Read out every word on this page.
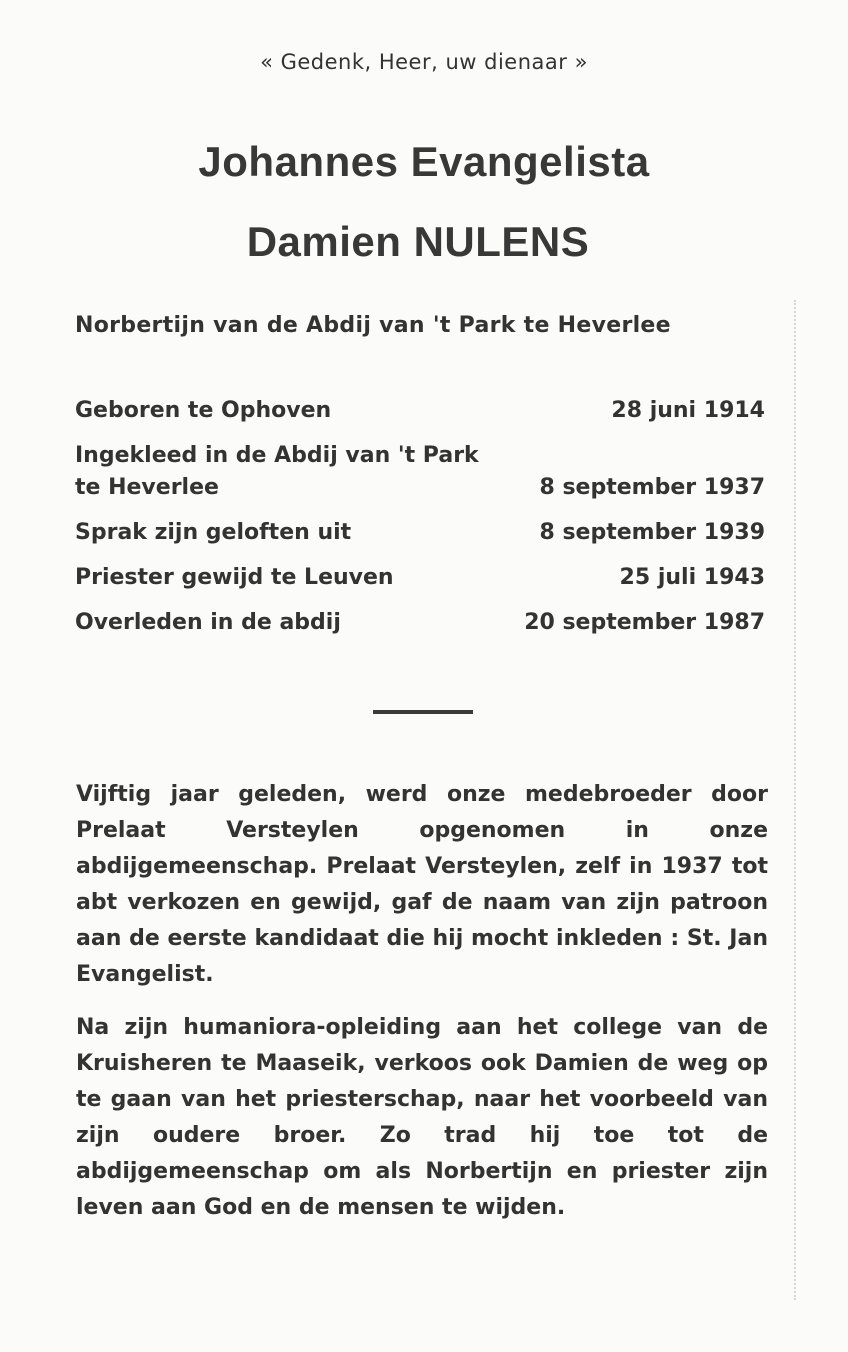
« Gedenk, Heer, uw dienaar »
Johannes Evangelista
Damien NULENS
Norbertijn van de Abdij van 't Park te Heverlee
Geboren te Ophoven	28 juni 1914
Ingekleed in de Abdij van 't Park te Heverlee	8 september 1937
Sprak zijn geloften uit	8 september 1939
Priester gewijd te Leuven	25 juli 1943
Overleden in de abdij	20 september 1987
Vijftig jaar geleden, werd onze medebroeder door Prelaat Versteylen opgenomen in onze abdijgemeenschap. Prelaat Versteylen, zelf in 1937 tot abt verkozen en gewijd, gaf de naam van zijn patroon aan de eerste kandidaat die hij mocht inkleden : St. Jan Evangelist.
Na zijn humaniora-opleiding aan het college van de Kruisheren te Maaseik, verkoos ook Damien de weg op te gaan van het priesterschap, naar het voorbeeld van zijn oudere broer. Zo trad hij toe tot de abdijgemeenschap om als Norbertijn en priester zijn leven aan God en de mensen te wijden.
